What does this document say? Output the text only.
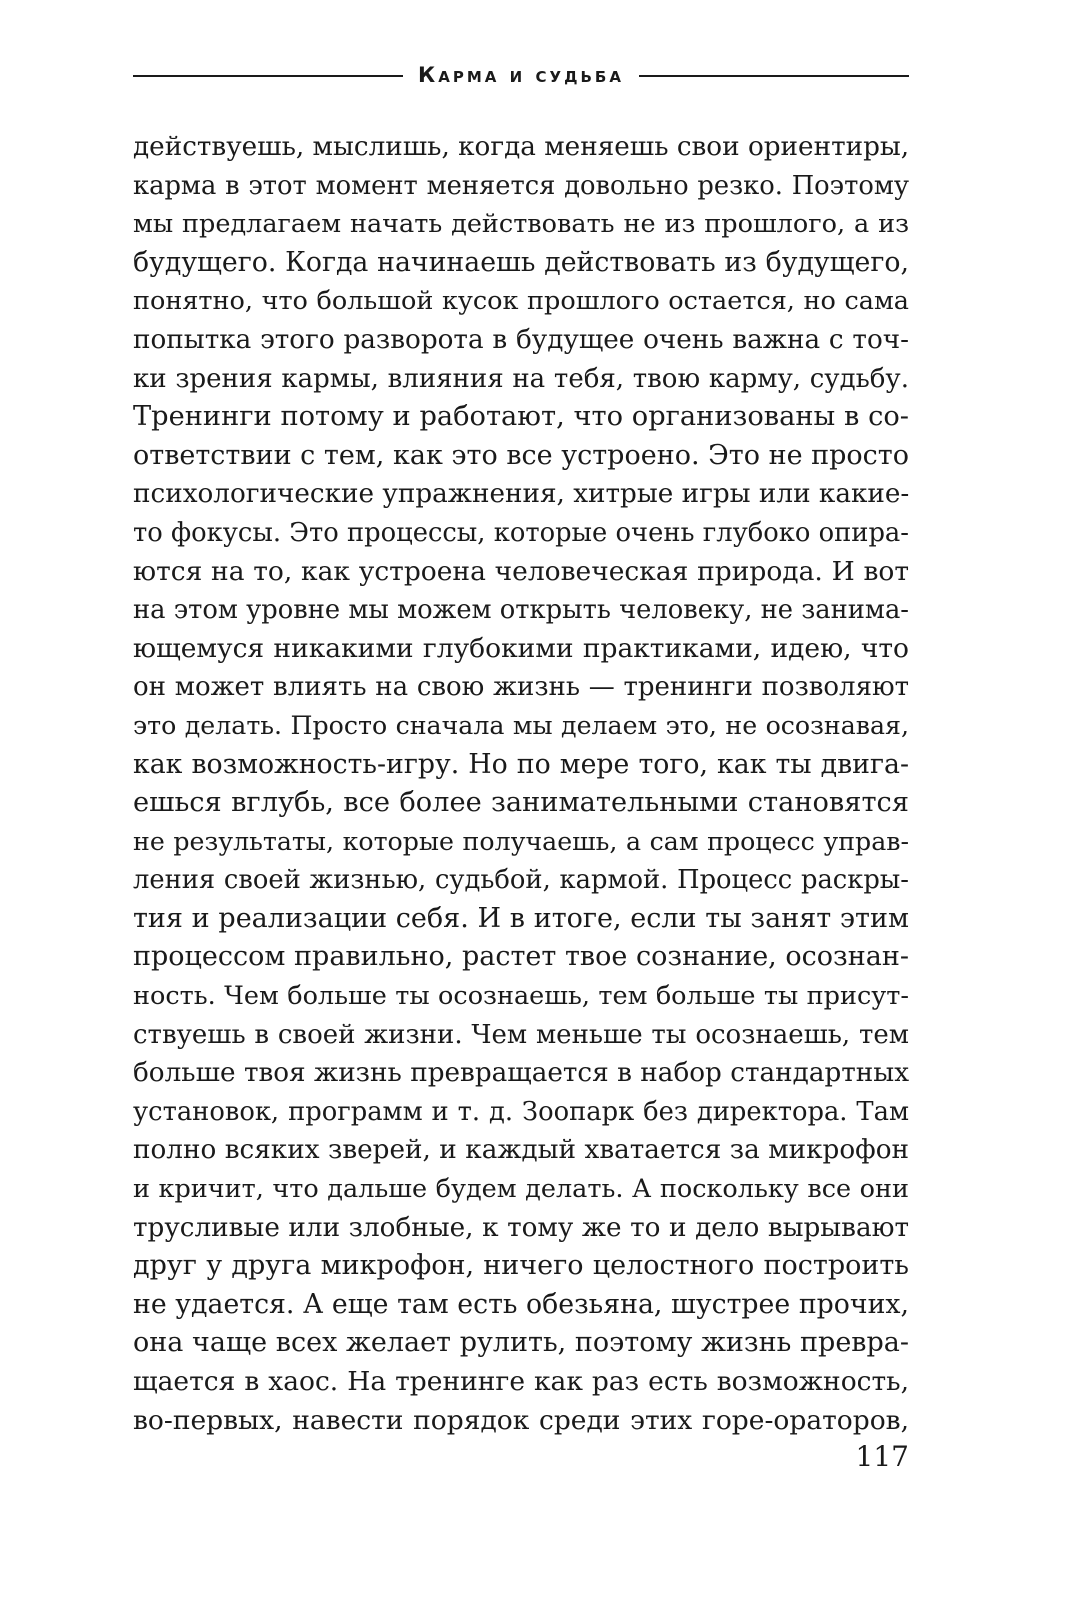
Карма и судьба
действуешь, мыслишь, когда меняешь свои ориентиры,
карма в этот момент меняется довольно резко. Поэтому
мы предлагаем начать действовать не из прошлого, а из
будущего. Когда начинаешь действовать из будущего,
понятно, что большой кусок прошлого остается, но сама
попытка этого разворота в будущее очень важна с точ-
ки зрения кармы, влияния на тебя, твою карму, судьбу.
Тренинги потому и работают, что организованы в со-
ответствии с тем, как это все устроено. Это не просто
психологические упражнения, хитрые игры или какие-
то фокусы. Это процессы, которые очень глубоко опира-
ются на то, как устроена человеческая природа. И вот
на этом уровне мы можем открыть человеку, не занима-
ющемуся никакими глубокими практиками, идею, что
он может влиять на свою жизнь — тренинги позволяют
это делать. Просто сначала мы делаем это, не осознавая,
как возможность-игру. Но по мере того, как ты двига-
ешься вглубь, все более занимательными становятся
не результаты, которые получаешь, а сам процесс управ-
ления своей жизнью, судьбой, кармой. Процесс раскры-
тия и реализации себя. И в итоге, если ты занят этим
процессом правильно, растет твое сознание, осознан-
ность. Чем больше ты осознаешь, тем больше ты присут-
ствуешь в своей жизни. Чем меньше ты осознаешь, тем
больше твоя жизнь превращается в набор стандартных
установок, программ и т. д. Зоопарк без директора. Там
полно всяких зверей, и каждый хватается за микрофон
и кричит, что дальше будем делать. А поскольку все они
трусливые или злобные, к тому же то и дело вырывают
друг у друга микрофон, ничего целостного построить
не удается. А еще там есть обезьяна, шустрее прочих,
она чаще всех желает рулить, поэтому жизнь превра-
щается в хаос. На тренинге как раз есть возможность,
во-первых, навести порядок среди этих горе-ораторов,
117
